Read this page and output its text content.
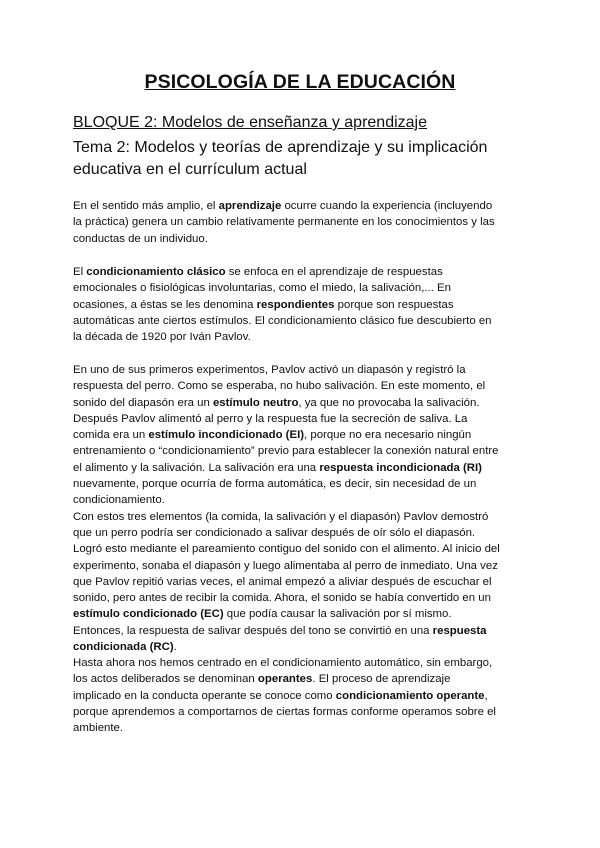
PSICOLOGÍA DE LA EDUCACIÓN
BLOQUE 2: Modelos de enseñanza y aprendizaje
Tema 2: Modelos y teorías de aprendizaje y su implicación
educativa en el currículum actual

En el sentido más amplio, el aprendizaje ocurre cuando la experiencia (incluyendo
la práctica) genera un cambio relativamente permanente en los conocimientos y las
conductas de un individuo.

El condicionamiento clásico se enfoca en el aprendizaje de respuestas
emocionales o fisiológicas involuntarias, como el miedo, la salivación,... En
ocasiones, a éstas se les denomina respondientes porque son respuestas
automáticas ante ciertos estímulos. El condicionamiento clásico fue descubierto en
la década de 1920 por Iván Pavlov.

En uno de sus primeros experimentos, Pavlov activó un diapasón y registró la
respuesta del perro. Como se esperaba, no hubo salivación. En este momento, el
sonido del diapasón era un estímulo neutro, ya que no provocaba la salivación.
Después Pavlov alimentó al perro y la respuesta fue la secreción de saliva. La
comida era un estímulo incondicionado (EI), porque no era necesario ningún
entrenamiento o “condicionamiento” previo para establecer la conexión natural entre
el alimento y la salivación. La salivación era una respuesta incondicionada (RI)
nuevamente, porque ocurría de forma automática, es decir, sin necesidad de un
condicionamiento.
Con estos tres elementos (la comida, la salivación y el diapasón) Pavlov demostró
que un perro podría ser condicionado a salivar después de oír sólo el diapasón.
Logró esto mediante el pareamiento contiguo del sonido con el alimento. Al inicio del
experimento, sonaba el diapasón y luego alimentaba al perro de inmediato. Una vez
que Pavlov repitió varias veces, el animal empezó a aliviar después de escuchar el
sonido, pero antes de recibir la comida. Ahora, el sonido se había convertido en un
estímulo condicionado (EC) que podía causar la salivación por sí mismo.
Entonces, la respuesta de salivar después del tono se convirtió en una respuesta
condicionada (RC).

Hasta ahora nos hemos centrado en el condicionamiento automático, sin embargo,
los actos deliberados se denominan operantes. El proceso de aprendizaje
implicado en la conducta operante se conoce como condicionamiento operante,
porque aprendemos a comportarnos de ciertas formas conforme operamos sobre el
ambiente.
